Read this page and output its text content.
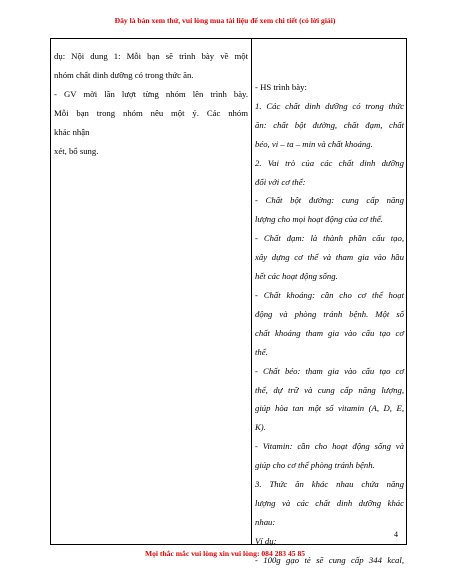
Đây là bản xem thử, vui lòng mua tài liệu để xem chi tiết (có lời giải)
dụ: Nội dung 1: Mỗi bạn sẽ trình bày về một
nhóm chất dinh dưỡng có trong thức ăn.
- GV mời lần lượt từng nhóm lên trình bày.
Mỗi bạn trong nhóm nêu một ý. Các nhóm
khác nhận
xét, bổ sung.
- HS trình bày:
1. Các chất dinh dưỡng có trong thức
ăn: chất bột đường, chất đạm, chất
béo, vi – ta – min và chất khoáng.
2. Vai trò của các chất dinh dưỡng
đối với cơ thể:
- Chất bột đường: cung cấp năng
lượng cho mọi hoạt động của cơ thể.
- Chất đạm: là thành phần cấu tạo,
xây dựng cơ thể và tham gia vào hầu
hết các hoạt động sống.
- Chất khoáng: cần cho cơ thể hoạt
động và phòng tránh bệnh. Một số
chất khoáng tham gia vào cấu tạo cơ
thể.
- Chất béo: tham gia vào cấu tạo cơ
thể, dự trữ và cung cấp năng lượng,
giúp hòa tan một số vitamin (A, D, E,
K).
- Vitamin: cần cho hoạt động sống và
giúp cho cơ thể phòng tránh bệnh.
3. Thức ăn khác nhau chứa năng
lượng và các chất dinh dưỡng khác
nhau:
Ví dụ:
- 100g gạo tẻ sẽ cung cấp 344 kcal,
4
Mọi thắc mắc vui lòng xin vui lòng: 084 283 45 85
